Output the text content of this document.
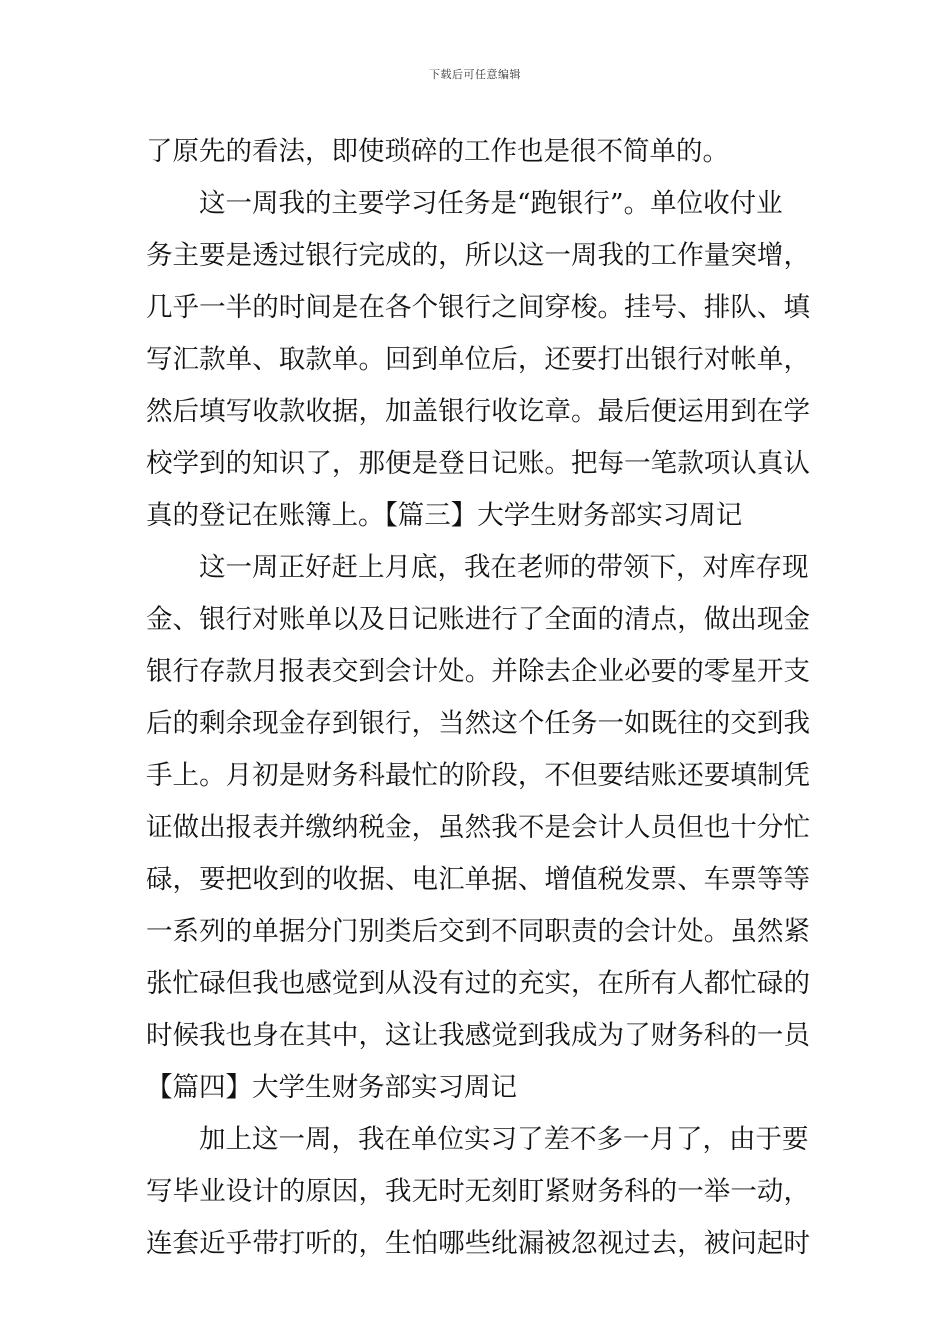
下载后可任意编辑
了原先的看法，即使琐碎的工作也是很不简单的。
这一周我的主要学习任务是“跑银行”。单位收付业
务主要是透过银行完成的，所以这一周我的工作量突增，
几乎一半的时间是在各个银行之间穿梭。挂号、排队、填
写汇款单、取款单。回到单位后，还要打出银行对帐单，
然后填写收款收据，加盖银行收讫章。最后便运用到在学
校学到的知识了，那便是登日记账。把每一笔款项认真认
真的登记在账簿上。【篇三】大学生财务部实习周记
这一周正好赶上月底，我在老师的带领下，对库存现
金、银行对账单以及日记账进行了全面的清点，做出现金
银行存款月报表交到会计处。并除去企业必要的零星开支
后的剩余现金存到银行，当然这个任务一如既往的交到我
手上。月初是财务科最忙的阶段，不但要结账还要填制凭
证做出报表并缴纳税金，虽然我不是会计人员但也十分忙
碌，要把收到的收据、电汇单据、增值税发票、车票等等
一系列的单据分门别类后交到不同职责的会计处。虽然紧
张忙碌但我也感觉到从没有过的充实，在所有人都忙碌的
时候我也身在其中，这让我感觉到我成为了财务科的一员
【篇四】大学生财务部实习周记
加上这一周，我在单位实习了差不多一月了，由于要
写毕业设计的原因，我无时无刻盯紧财务科的一举一动，
连套近乎带打听的，生怕哪些纰漏被忽视过去，被问起时
